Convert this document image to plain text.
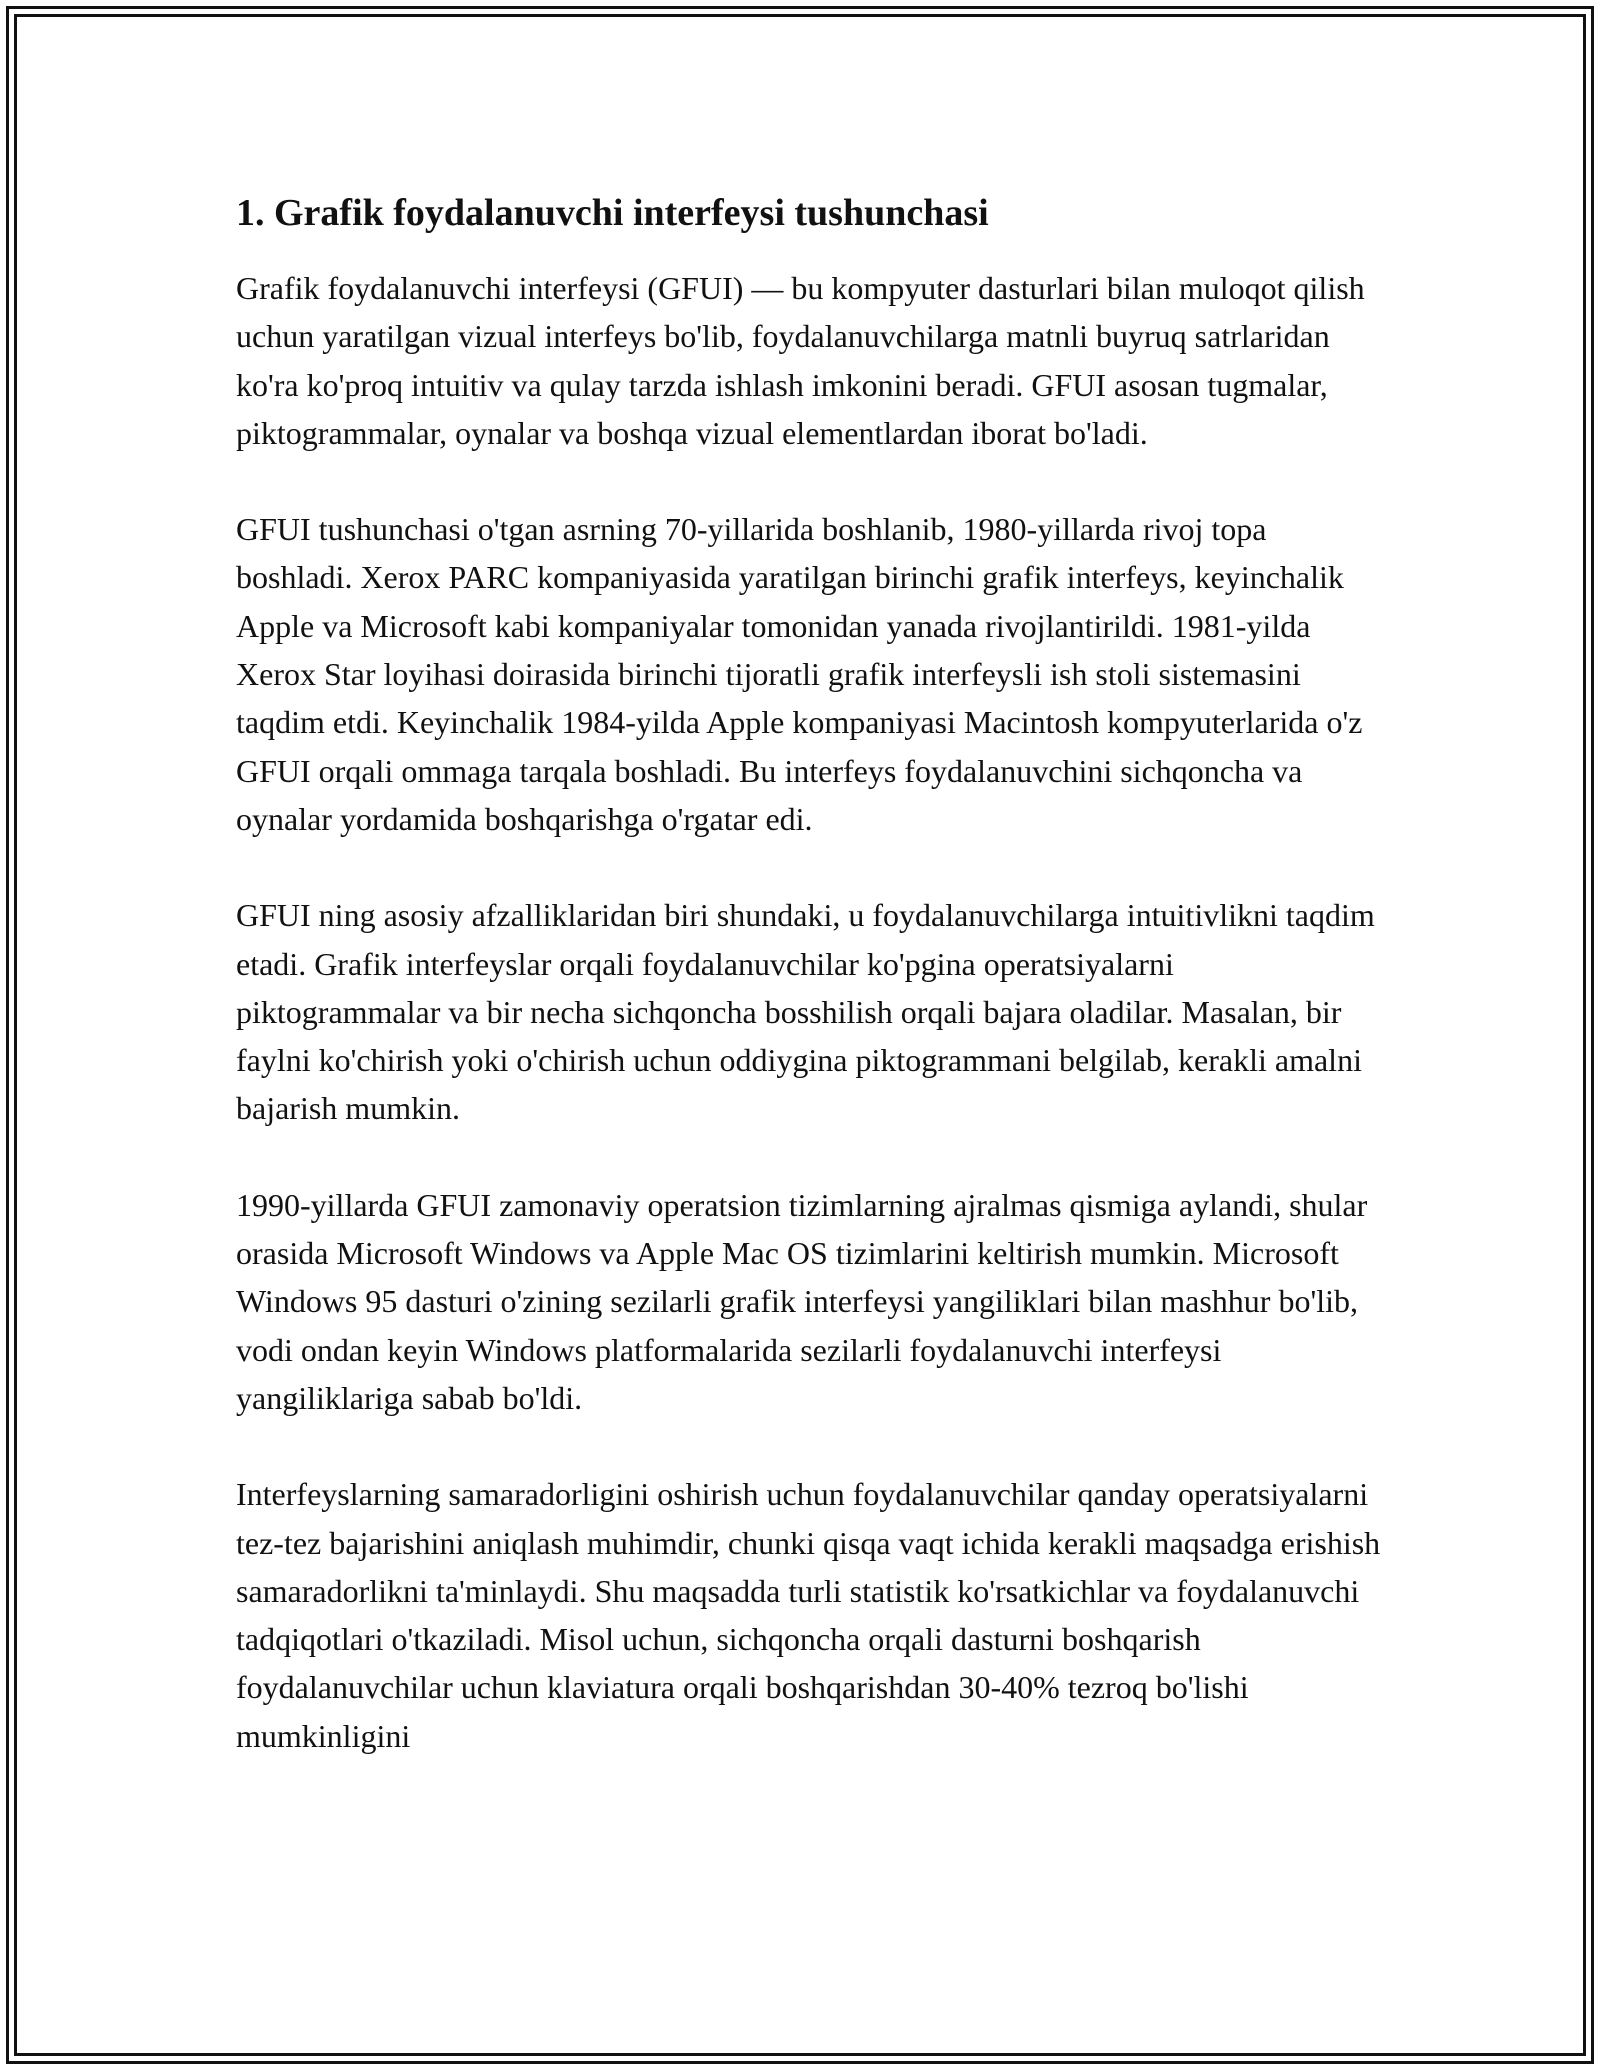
1. Grafik foydalanuvchi interfeysi tushunchasi

Grafik foydalanuvchi interfeysi (GFUI) — bu kompyuter dasturlari bilan muloqot qilish uchun yaratilgan vizual interfeys bo'lib, foydalanuvchilarga matnli buyruq satrlaridan ko'ra ko'proq intuitiv va qulay tarzda ishlash imkonini beradi. GFUI asosan tugmalar, piktogrammalar, oynalar va boshqa vizual elementlardan iborat bo'ladi.

GFUI tushunchasi o'tgan asrning 70-yillarida boshlanib, 1980-yillarda rivoj topa boshladi. Xerox PARC kompaniyasida yaratilgan birinchi grafik interfeys, keyinchalik Apple va Microsoft kabi kompaniyalar tomonidan yanada rivojlantirildi. 1981-yilda Xerox Star loyihasi doirasida birinchi tijoratli grafik interfeysli ish stoli sistemasini taqdim etdi. Keyinchalik 1984-yilda Apple kompaniyasi Macintosh kompyuterlarida o'z GFUI orqali ommaga tarqala boshladi. Bu interfeys foydalanuvchini sichqoncha va oynalar yordamida boshqarishga o'rgatar edi.

GFUI ning asosiy afzalliklaridan biri shundaki, u foydalanuvchilarga intuitivlikni taqdim etadi. Grafik interfeyslar orqali foydalanuvchilar ko'pgina operatsiyalarni piktogrammalar va bir necha sichqoncha bosshilish orqali bajara oladilar. Masalan, bir faylni ko'chirish yoki o'chirish uchun oddiygina piktogrammani belgilab, kerakli amalni bajarish mumkin.

1990-yillarda GFUI zamonaviy operatsion tizimlarning ajralmas qismiga aylandi, shular orasida Microsoft Windows va Apple Mac OS tizimlarini keltirish mumkin. Microsoft Windows 95 dasturi o'zining sezilarli grafik interfeysi yangiliklari bilan mashhur bo'lib, vodi ondan keyin Windows platformalarida sezilarli foydalanuvchi interfeysi yangiliklariga sabab bo'ldi.

Interfeyslarning samaradorligini oshirish uchun foydalanuvchilar qanday operatsiyalarni tez-tez bajarishini aniqlash muhimdir, chunki qisqa vaqt ichida kerakli maqsadga erishish samaradorlikni ta'minlaydi. Shu maqsadda turli statistik ko'rsatkichlar va foydalanuvchi tadqiqotlari o'tkaziladi. Misol uchun, sichqoncha orqali dasturni boshqarish foydalanuvchilar uchun klaviatura orqali boshqarishdan 30-40% tezroq bo'lishi mumkinligini
